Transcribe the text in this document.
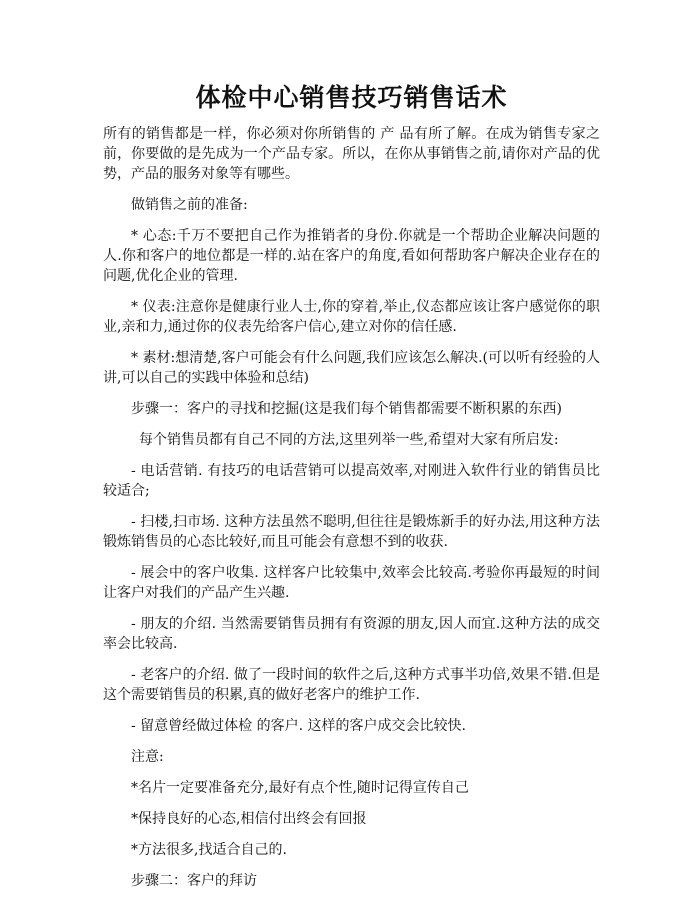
体检中心销售技巧销售话术

所有的销售都是一样，你必须对你所销售的 产 品有所了解。在成为销售专家之前，你要做的是先成为一个产品专家。所以，在你从事销售之前,请你对产品的优势，产品的服务对象等有哪些。

做销售之前的准备:

* 心态:千万不要把自己作为推销者的身份.你就是一个帮助企业解决问题的人.你和客户的地位都是一样的.站在客户的角度,看如何帮助客户解决企业存在的问题,优化企业的管理.

* 仪表:注意你是健康行业人士,你的穿着,举止,仪态都应该让客户感觉你的职业,亲和力,通过你的仪表先给客户信心,建立对你的信任感.

* 素材:想清楚,客户可能会有什么问题,我们应该怎么解决.(可以听有经验的人讲,可以自己的实践中体验和总结)

步骤一：客户的寻找和挖掘(这是我们每个销售都需要不断积累的东西)

每个销售员都有自己不同的方法,这里列举一些,希望对大家有所启发:

- 电话营销. 有技巧的电话营销可以提高效率,对刚进入软件行业的销售员比较适合;

- 扫楼,扫市场. 这种方法虽然不聪明,但往往是锻炼新手的好办法,用这种方法锻炼销售员的心态比较好,而且可能会有意想不到的收获.

- 展会中的客户收集. 这样客户比较集中,效率会比较高.考验你再最短的时间让客户对我们的产品产生兴趣.

- 朋友的介绍. 当然需要销售员拥有有资源的朋友,因人而宜.这种方法的成交率会比较高.

- 老客户的介绍. 做了一段时间的软件之后,这种方式事半功倍,效果不错.但是这个需要销售员的积累,真的做好老客户的维护工作.

- 留意曾经做过体检 的客户. 这样的客户成交会比较快.

注意:

*名片一定要准备充分,最好有点个性,随时记得宣传自己

*保持良好的心态,相信付出终会有回报

*方法很多,找适合自己的.

步骤二：客户的拜访
